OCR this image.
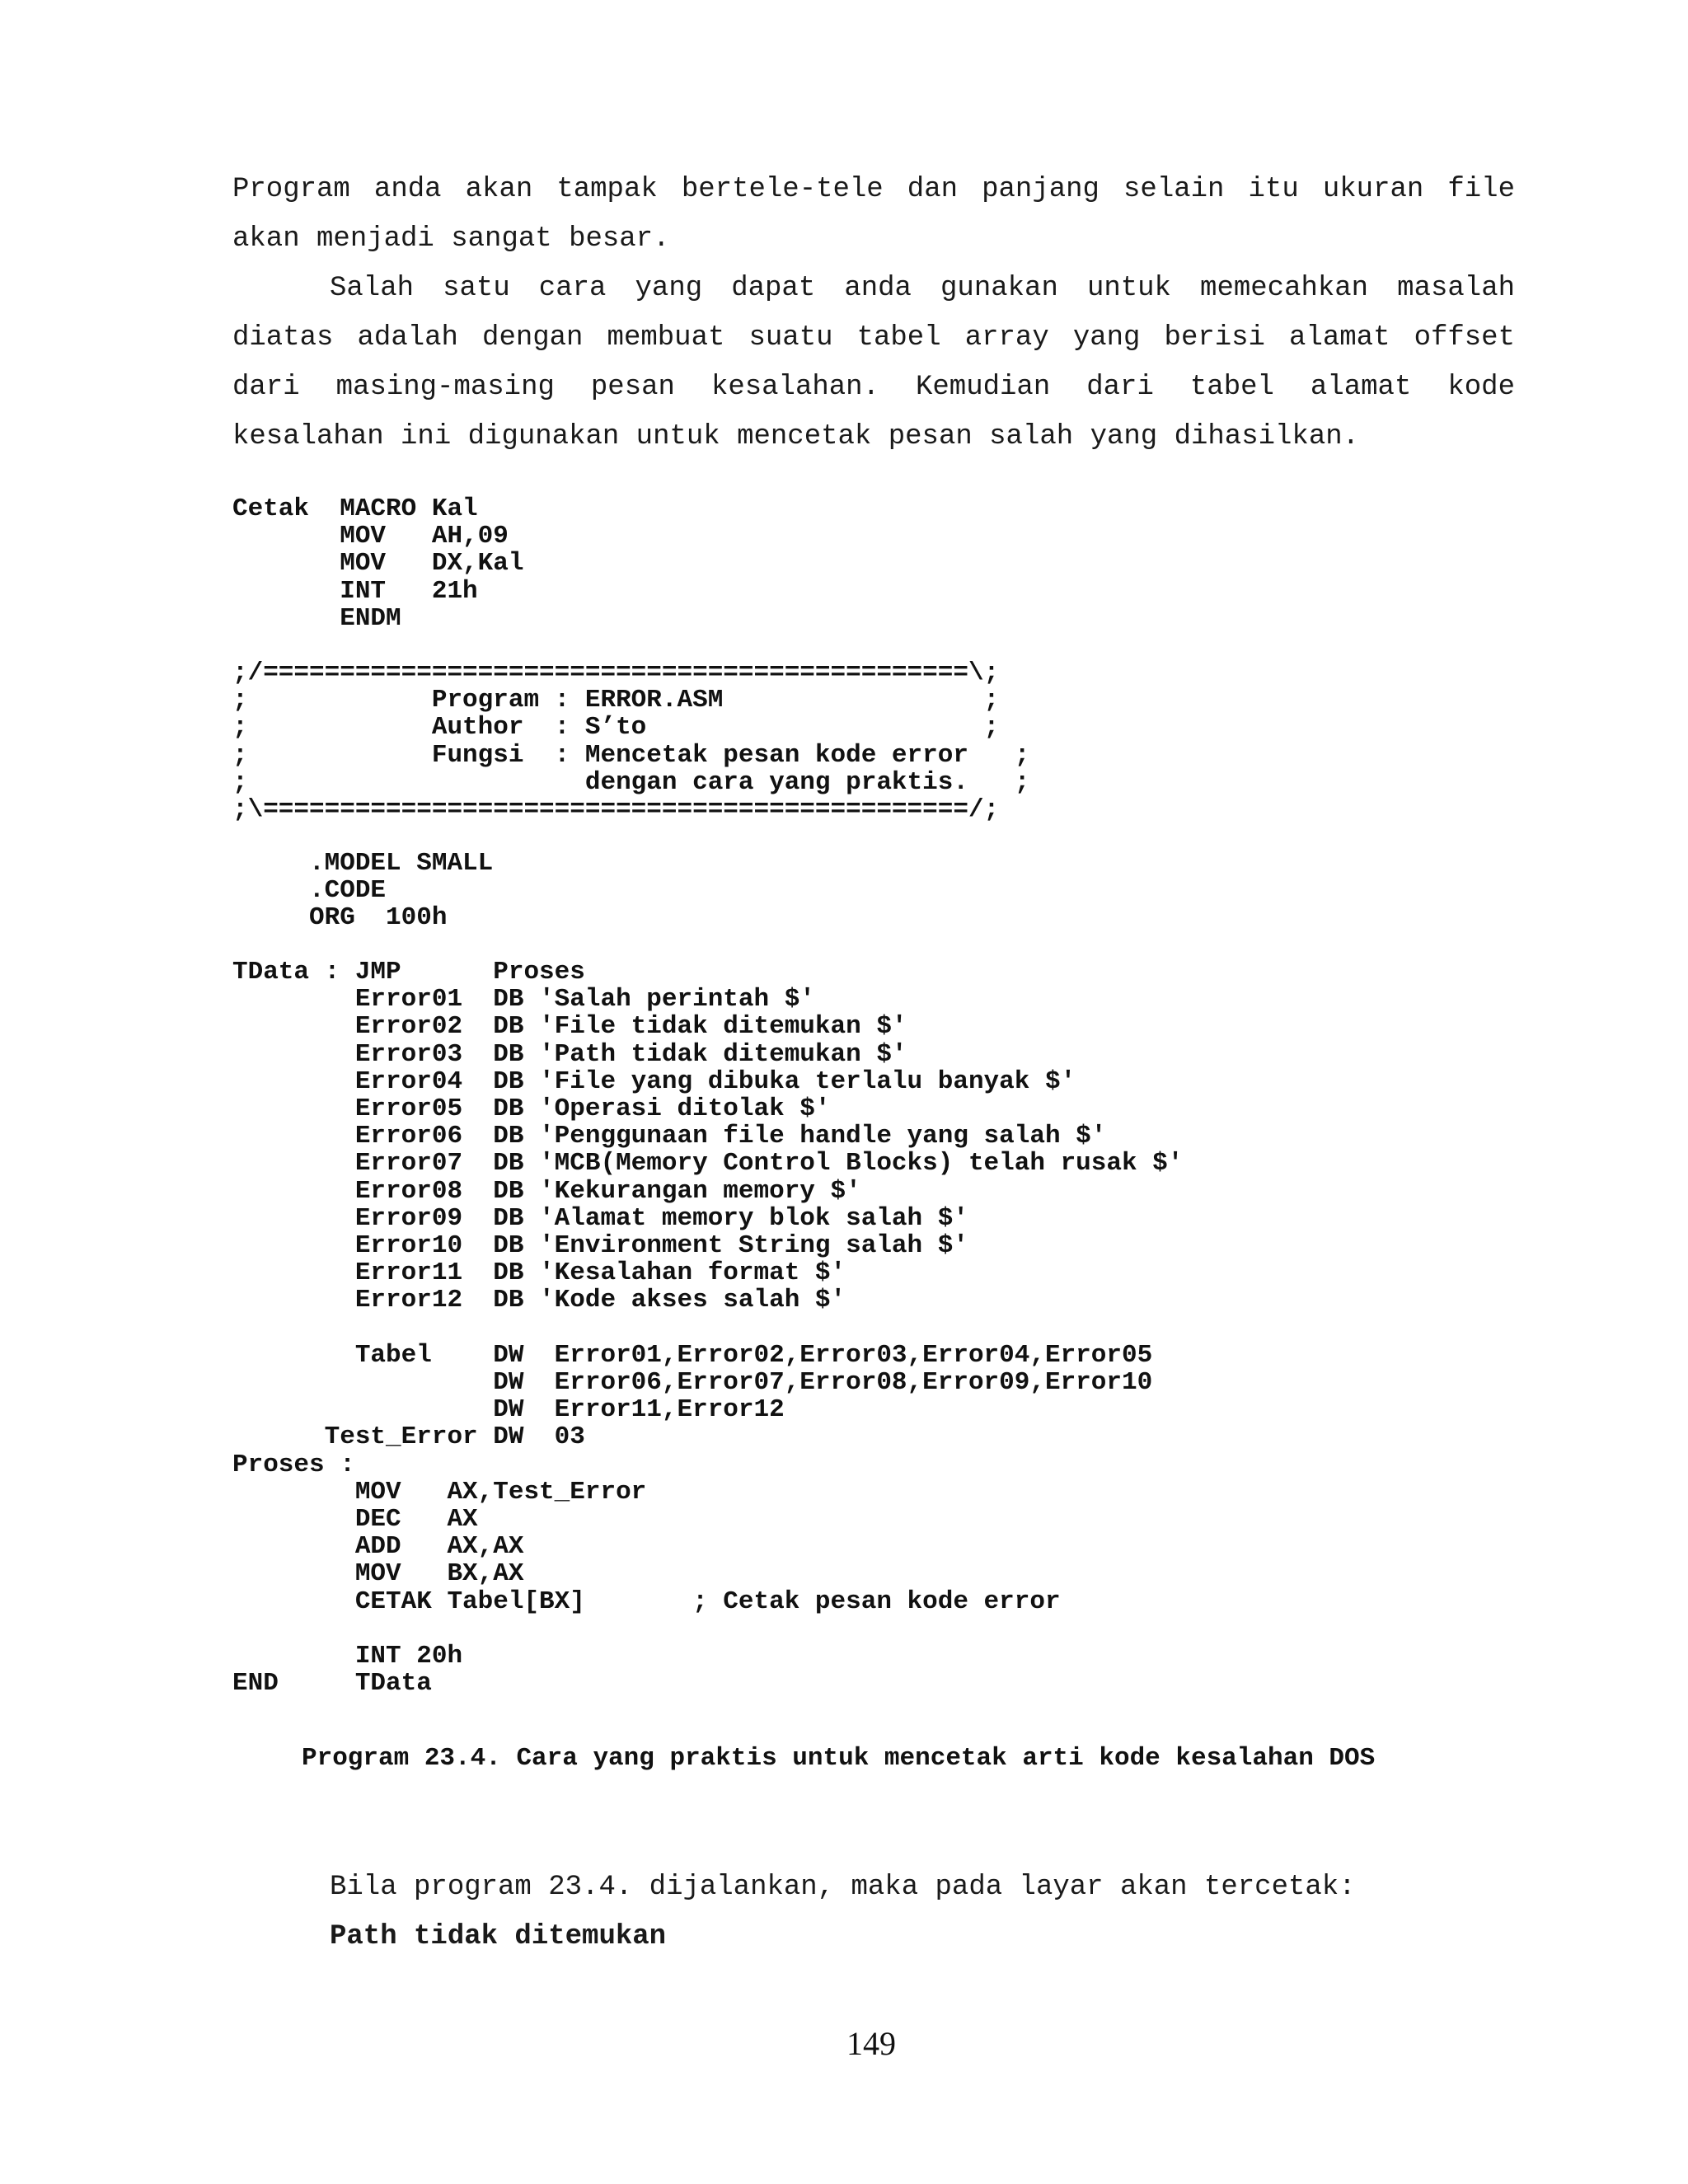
Program anda akan tampak bertele-tele dan panjang selain itu ukuran file akan menjadi sangat besar.

Salah satu cara yang dapat anda gunakan untuk memecahkan masalah diatas adalah dengan membuat suatu tabel array yang berisi alamat offset dari masing-masing pesan kesalahan. Kemudian dari tabel alamat kode kesalahan ini digunakan untuk mencetak pesan salah yang dihasilkan.

Cetak  MACRO Kal
MOV   AH,09
MOV   DX,Kal
INT   21h
ENDM
;/==============================================\;
;            Program : ERROR.ASM                 ;
;            Author  : S’to                      ;
;            Fungsi  : Mencetak pesan kode error   ;
;                      dengan cara yang praktis.   ;
;\==============================================/;
.MODEL SMALL
.CODE
ORG  100h
TData : JMP      Proses
Error01  DB 'Salah perintah $'
Error02  DB 'File tidak ditemukan $'
Error03  DB 'Path tidak ditemukan $'
Error04  DB 'File yang dibuka terlalu banyak $'
Error05  DB 'Operasi ditolak $'
Error06  DB 'Penggunaan file handle yang salah $'
Error07  DB 'MCB(Memory Control Blocks) telah rusak $'
Error08  DB 'Kekurangan memory $'
Error09  DB 'Alamat memory blok salah $'
Error10  DB 'Environment String salah $'
Error11  DB 'Kesalahan format $'
Error12  DB 'Kode akses salah $'

Tabel    DW  Error01,Error02,Error03,Error04,Error05
DW  Error06,Error07,Error08,Error09,Error10
DW  Error11,Error12
Test_Error DW  03
Proses :
MOV   AX,Test_Error
DEC   AX
ADD   AX,AX
MOV   BX,AX
CETAK Tabel[BX]       ; Cetak pesan kode error

INT 20h
END     TData

Program 23.4. Cara yang praktis untuk mencetak arti kode kesalahan DOS

Bila program 23.4. dijalankan, maka pada layar akan tercetak:

Path tidak ditemukan

149
